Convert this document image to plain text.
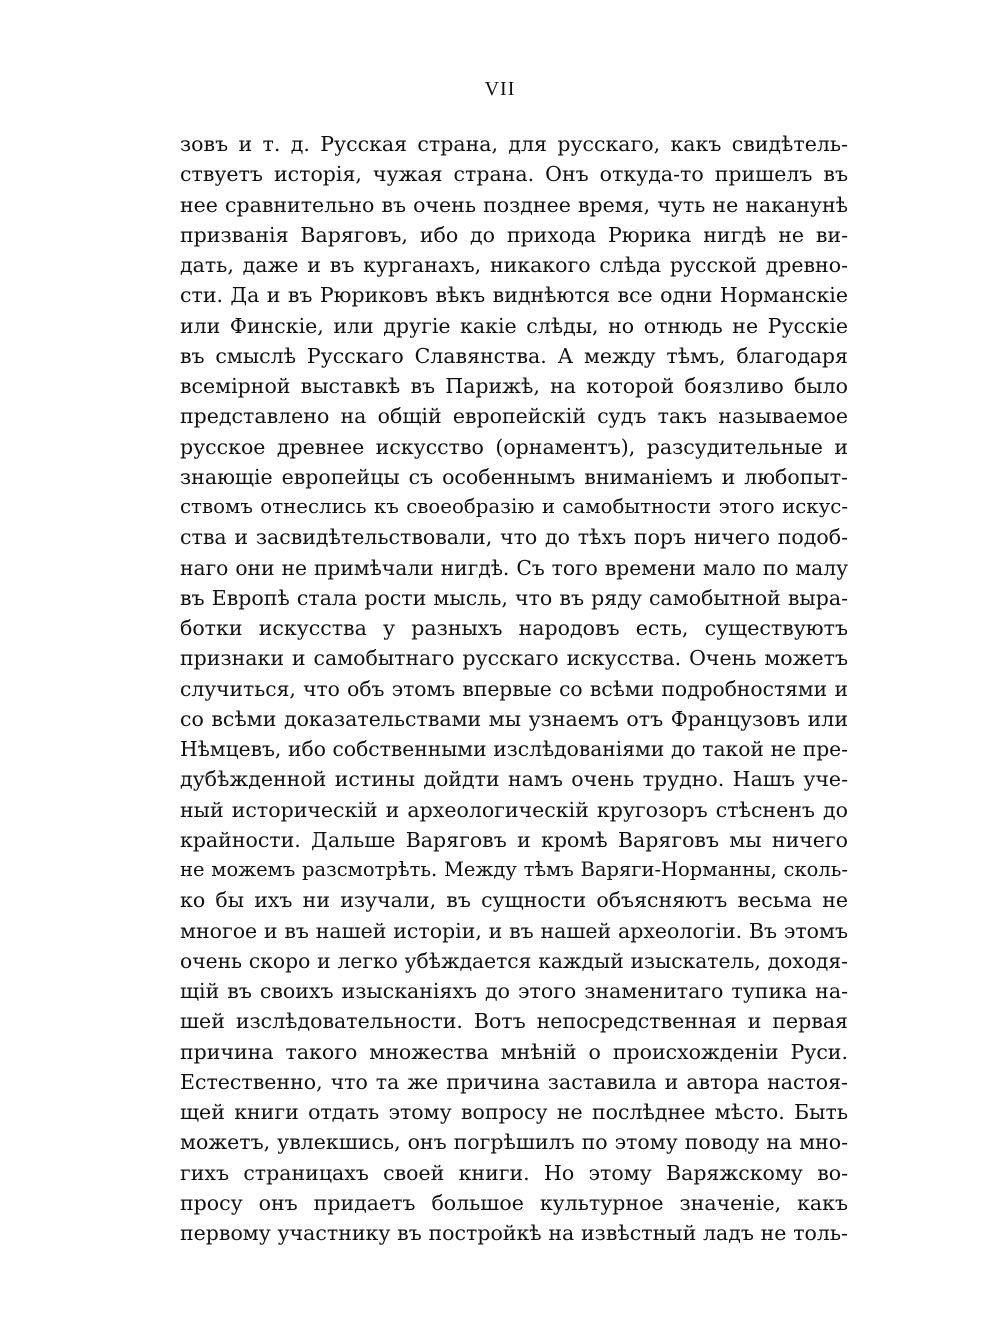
VII
зовъ и т. д. Русская страна, для русскаго, какъ свидѣтель-
ствуетъ исторія, чужая страна. Онъ откуда-то пришелъ въ
нее сравнительно въ очень позднее время, чуть не наканунѣ
призванія Варяговъ, ибо до прихода Рюрика нигдѣ не ви-
дать, даже и въ курганахъ, никакого слѣда русской древно-
сти. Да и въ Рюриковъ вѣкъ виднѣются все одни Норманскіе
или Финскіе, или другіе какіе слѣды, но отнюдь не Русскіе
въ смыслѣ Русскаго Славянства. А между тѣмъ, благодаря
всемірной выставкѣ въ Парижѣ, на которой боязливо было
представлено на общій европейскій судъ такъ называемое
русское древнее искусство (орнаментъ), разсудительные и
знающіе европейцы съ особеннымъ вниманіемъ и любопыт-
ствомъ отнеслись къ своеобразію и самобытности этого искус-
ства и засвидѣтельствовали, что до тѣхъ поръ ничего подоб-
наго они не примѣчали нигдѣ. Съ того времени мало по малу
въ Европѣ стала рости мысль, что въ ряду самобытной выра-
ботки искусства у разныхъ народовъ есть, существуютъ
признаки и самобытнаго русскаго искусства. Очень можетъ
случиться, что объ этомъ впервые со всѣми подробностями и
со всѣми доказательствами мы узнаемъ отъ Французовъ или
Нѣмцевъ, ибо собственными изслѣдованіями до такой не пре-
дубѣжденной истины дойдти намъ очень трудно. Нашъ уче-
ный историческій и археологическій кругозоръ стѣсненъ до
крайности. Дальше Варяговъ и кромѣ Варяговъ мы ничего
не можемъ разсмотрѣть. Между тѣмъ Варяги-Норманны, сколь-
ко бы ихъ ни изучали, въ сущности объясняютъ весьма не
многое и въ нашей исторіи, и въ нашей археологіи. Въ этомъ
очень скоро и легко убѣждается каждый изыскатель, доходя-
щій въ своихъ изысканіяхъ до этого знаменитаго тупика на-
шей изслѣдовательности. Вотъ непосредственная и первая
причина такого множества мнѣній о происхожденіи Руси.
Естественно, что та же причина заставила и автора настоя-
щей книги отдать этому вопросу не послѣднее мѣсто. Быть
можетъ, увлекшись, онъ погрѣшилъ по этому поводу на мно-
гихъ страницахъ своей книги. Но этому Варяжскому во-
просу онъ придаетъ большое культурное значеніе, какъ
первому участнику въ постройкѣ на извѣстный ладъ не толь-
